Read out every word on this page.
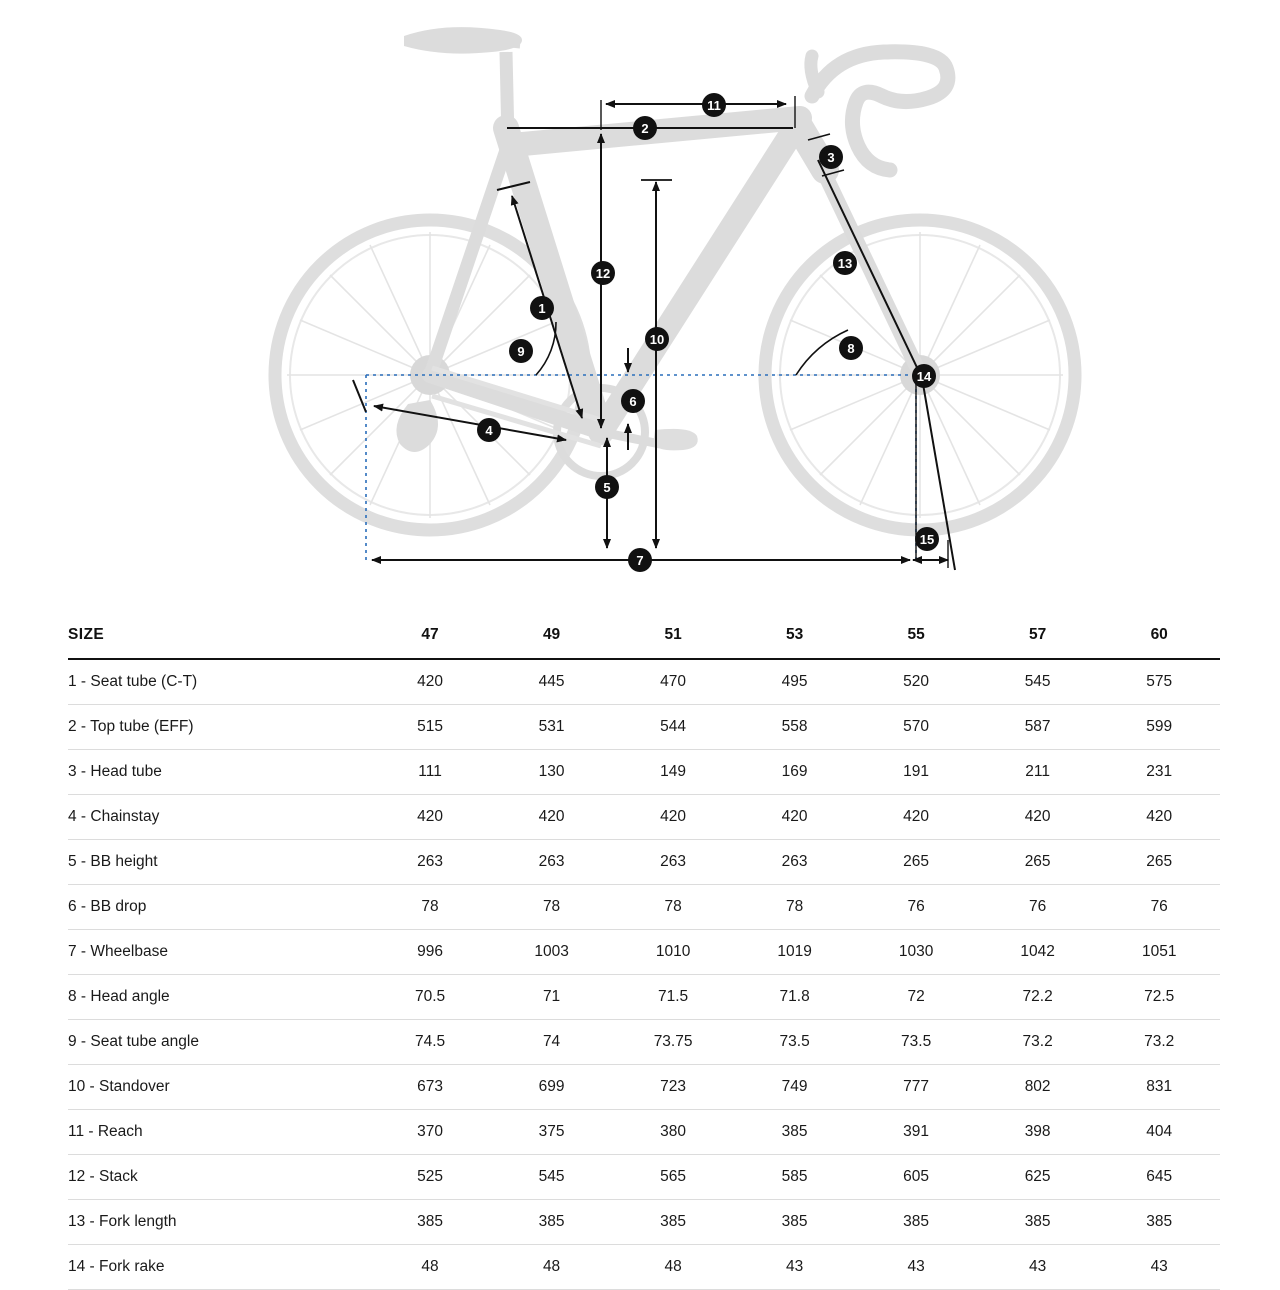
1
2
3
4
5
6
7
8
9
10
11
12
13
14
15
SIZE	47	49	51	53	55	57	60
1 - Seat tube (C-T)	420	445	470	495	520	545	575
2 - Top tube (EFF)	515	531	544	558	570	587	599
3 - Head tube	111	130	149	169	191	211	231
4 - Chainstay	420	420	420	420	420	420	420
5 - BB height	263	263	263	263	265	265	265
6 - BB drop	78	78	78	78	76	76	76
7 - Wheelbase	996	1003	1010	1019	1030	1042	1051
8 - Head angle	70.5	71	71.5	71.8	72	72.2	72.5
9 - Seat tube angle	74.5	74	73.75	73.5	73.5	73.2	73.2
10 - Standover	673	699	723	749	777	802	831
11 - Reach	370	375	380	385	391	398	404
12 - Stack	525	545	565	585	605	625	645
13 - Fork length	385	385	385	385	385	385	385
14 - Fork rake	48	48	48	43	43	43	43
